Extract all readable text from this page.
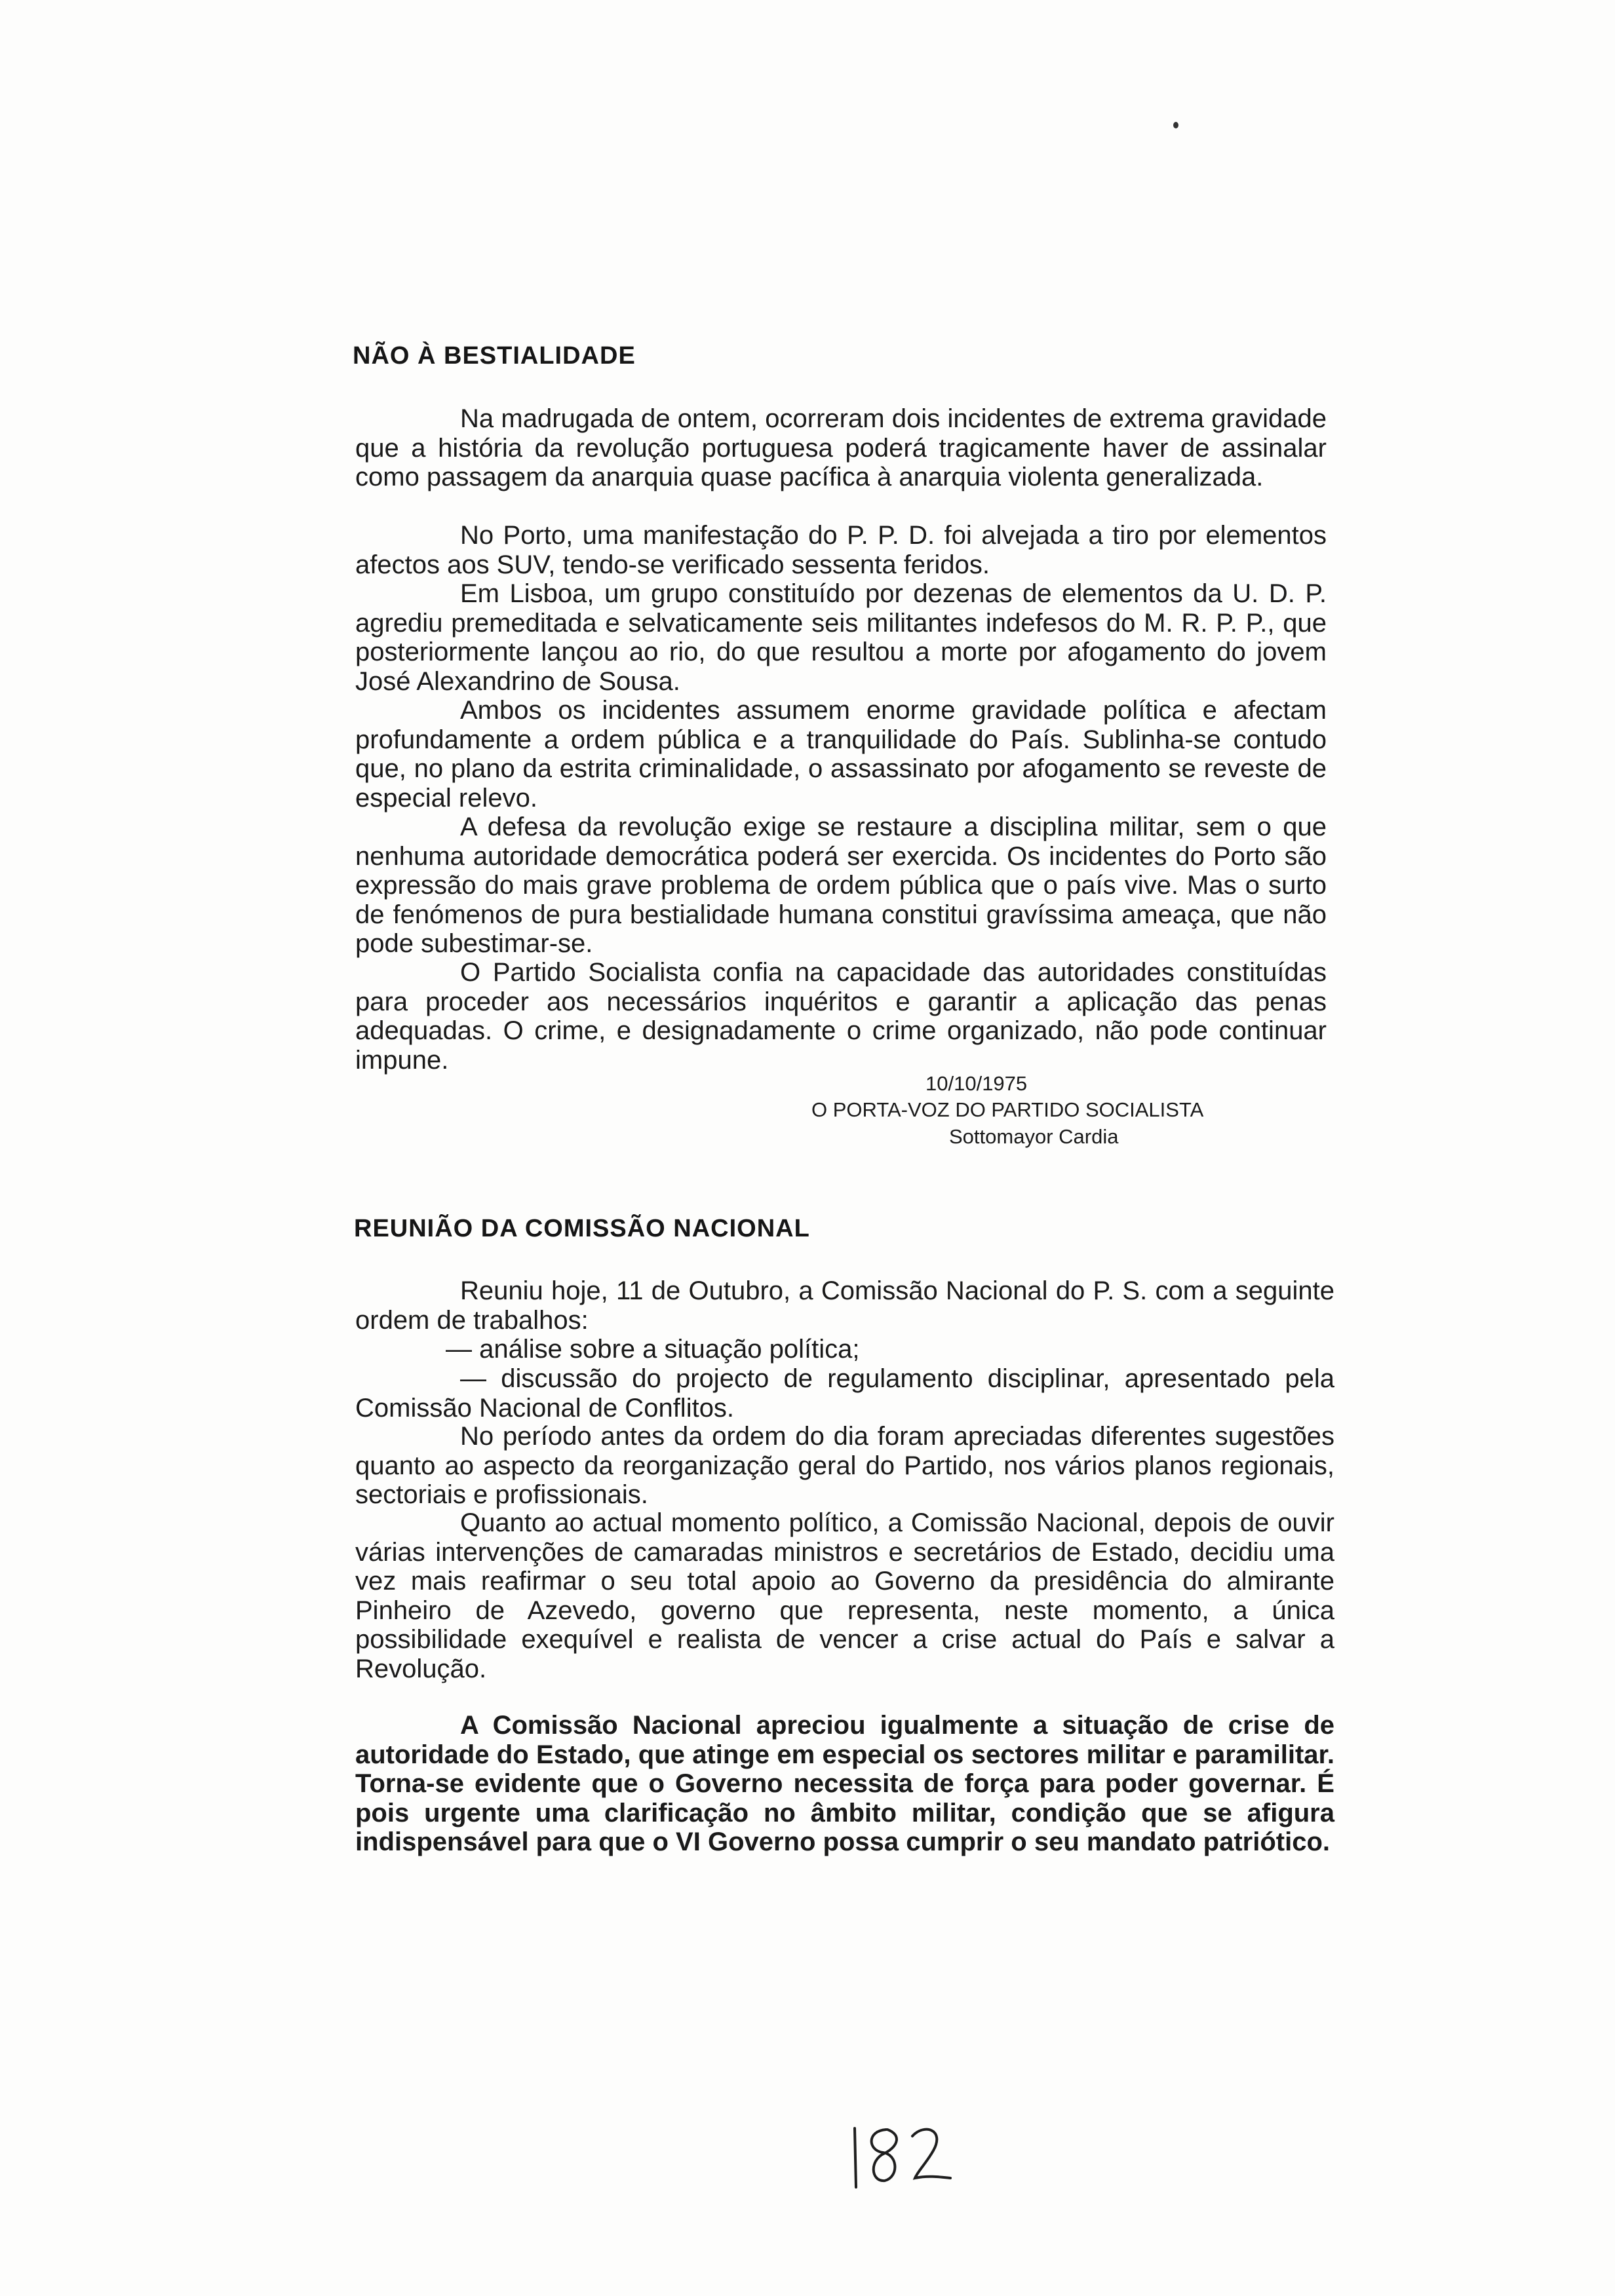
NÃO À BESTIALIDADE

Na madrugada de ontem, ocorreram dois incidentes de extrema gravidade que a história da revolução portuguesa poderá tragicamente haver de assinalar como passagem da anarquia quase pacífica à anarquia violenta generalizada.

No Porto, uma manifestação do P. P. D. foi alvejada a tiro por elementos afectos aos SUV, tendo-se verificado sessenta feridos.

Em Lisboa, um grupo constituído por dezenas de elementos da U. D. P. agrediu premeditada e selvaticamente seis militantes indefesos do M. R. P. P., que posteriormente lançou ao rio, do que resultou a morte por afogamento do jovem José Alexandrino de Sousa.

Ambos os incidentes assumem enorme gravidade política e afectam profundamente a ordem pública e a tranquilidade do País. Sublinha-se contudo que, no plano da estrita criminalidade, o assassinato por afogamento se reveste de especial relevo.

A defesa da revolução exige se restaure a disciplina militar, sem o que nenhuma autoridade democrática poderá ser exercida. Os incidentes do Porto são expressão do mais grave problema de ordem pública que o país vive. Mas o surto de fenómenos de pura bestialidade humana constitui gravíssima ameaça, que não pode subestimar-se.

O Partido Socialista confia na capacidade das autoridades constituídas para proceder aos necessários inquéritos e garantir a aplicação das penas adequadas. O crime, e designadamente o crime organizado, não pode continuar impune.

10/10/1975
O PORTA-VOZ DO PARTIDO SOCIALISTA
Sottomayor Cardia
REUNIÃO DA COMISSÃO NACIONAL

Reuniu hoje, 11 de Outubro, a Comissão Nacional do P. S. com a seguinte ordem de trabalhos:

— análise sobre a situação política;

— discussão do projecto de regulamento disciplinar, apresentado pela Comissão Nacional de Conflitos.

No período antes da ordem do dia foram apreciadas diferentes sugestões quanto ao aspecto da reorganização geral do Partido, nos vários planos regionais, sectoriais e profissionais.

Quanto ao actual momento político, a Comissão Nacional, depois de ouvir várias intervenções de camaradas ministros e secretários de Estado, decidiu uma vez mais reafirmar o seu total apoio ao Governo da presidência do almirante Pinheiro de Azevedo, governo que representa, neste momento, a única possibilidade exequível e realista de vencer a crise actual do País e salvar a Revolução.

A Comissão Nacional apreciou igualmente a situação de crise de autoridade do Estado, que atinge em especial os sectores militar e paramilitar. Torna-se evidente que o Governo necessita de força para poder governar. É pois urgente uma clarificação no âmbito militar, condição que se afigura indispensável para que o VI Governo possa cumprir o seu mandato patriótico.
